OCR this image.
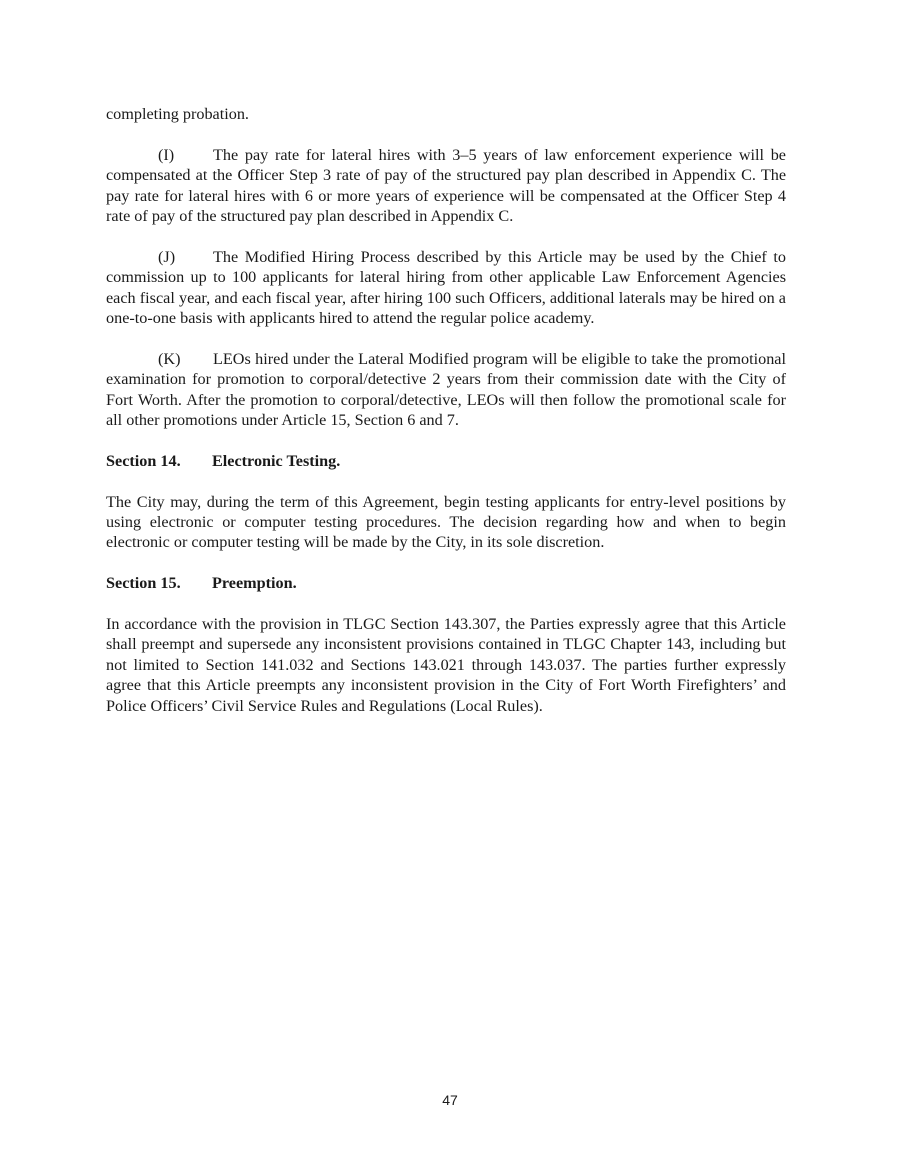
completing probation.

(I) The pay rate for lateral hires with 3–5 years of law enforcement experience will be compensated at the Officer Step 3 rate of pay of the structured pay plan described in Appendix C. The pay rate for lateral hires with 6 or more years of experience will be compensated at the Officer Step 4 rate of pay of the structured pay plan described in Appendix C.

(J) The Modified Hiring Process described by this Article may be used by the Chief to commission up to 100 applicants for lateral hiring from other applicable Law Enforcement Agencies each fiscal year, and each fiscal year, after hiring 100 such Officers, additional laterals may be hired on a one-to-one basis with applicants hired to attend the regular police academy.

(K) LEOs hired under the Lateral Modified program will be eligible to take the promotional examination for promotion to corporal/detective 2 years from their commission date with the City of Fort Worth. After the promotion to corporal/detective, LEOs will then follow the promotional scale for all other promotions under Article 15, Section 6 and 7.

Section 14. Electronic Testing.

The City may, during the term of this Agreement, begin testing applicants for entry-level positions by using electronic or computer testing procedures. The decision regarding how and when to begin electronic or computer testing will be made by the City, in its sole discretion.

Section 15. Preemption.

In accordance with the provision in TLGC Section 143.307, the Parties expressly agree that this Article shall preempt and supersede any inconsistent provisions contained in TLGC Chapter 143, including but not limited to Section 141.032 and Sections 143.021 through 143.037. The parties further expressly agree that this Article preempts any inconsistent provision in the City of Fort Worth Firefighters’ and Police Officers’ Civil Service Rules and Regulations (Local Rules).

47
